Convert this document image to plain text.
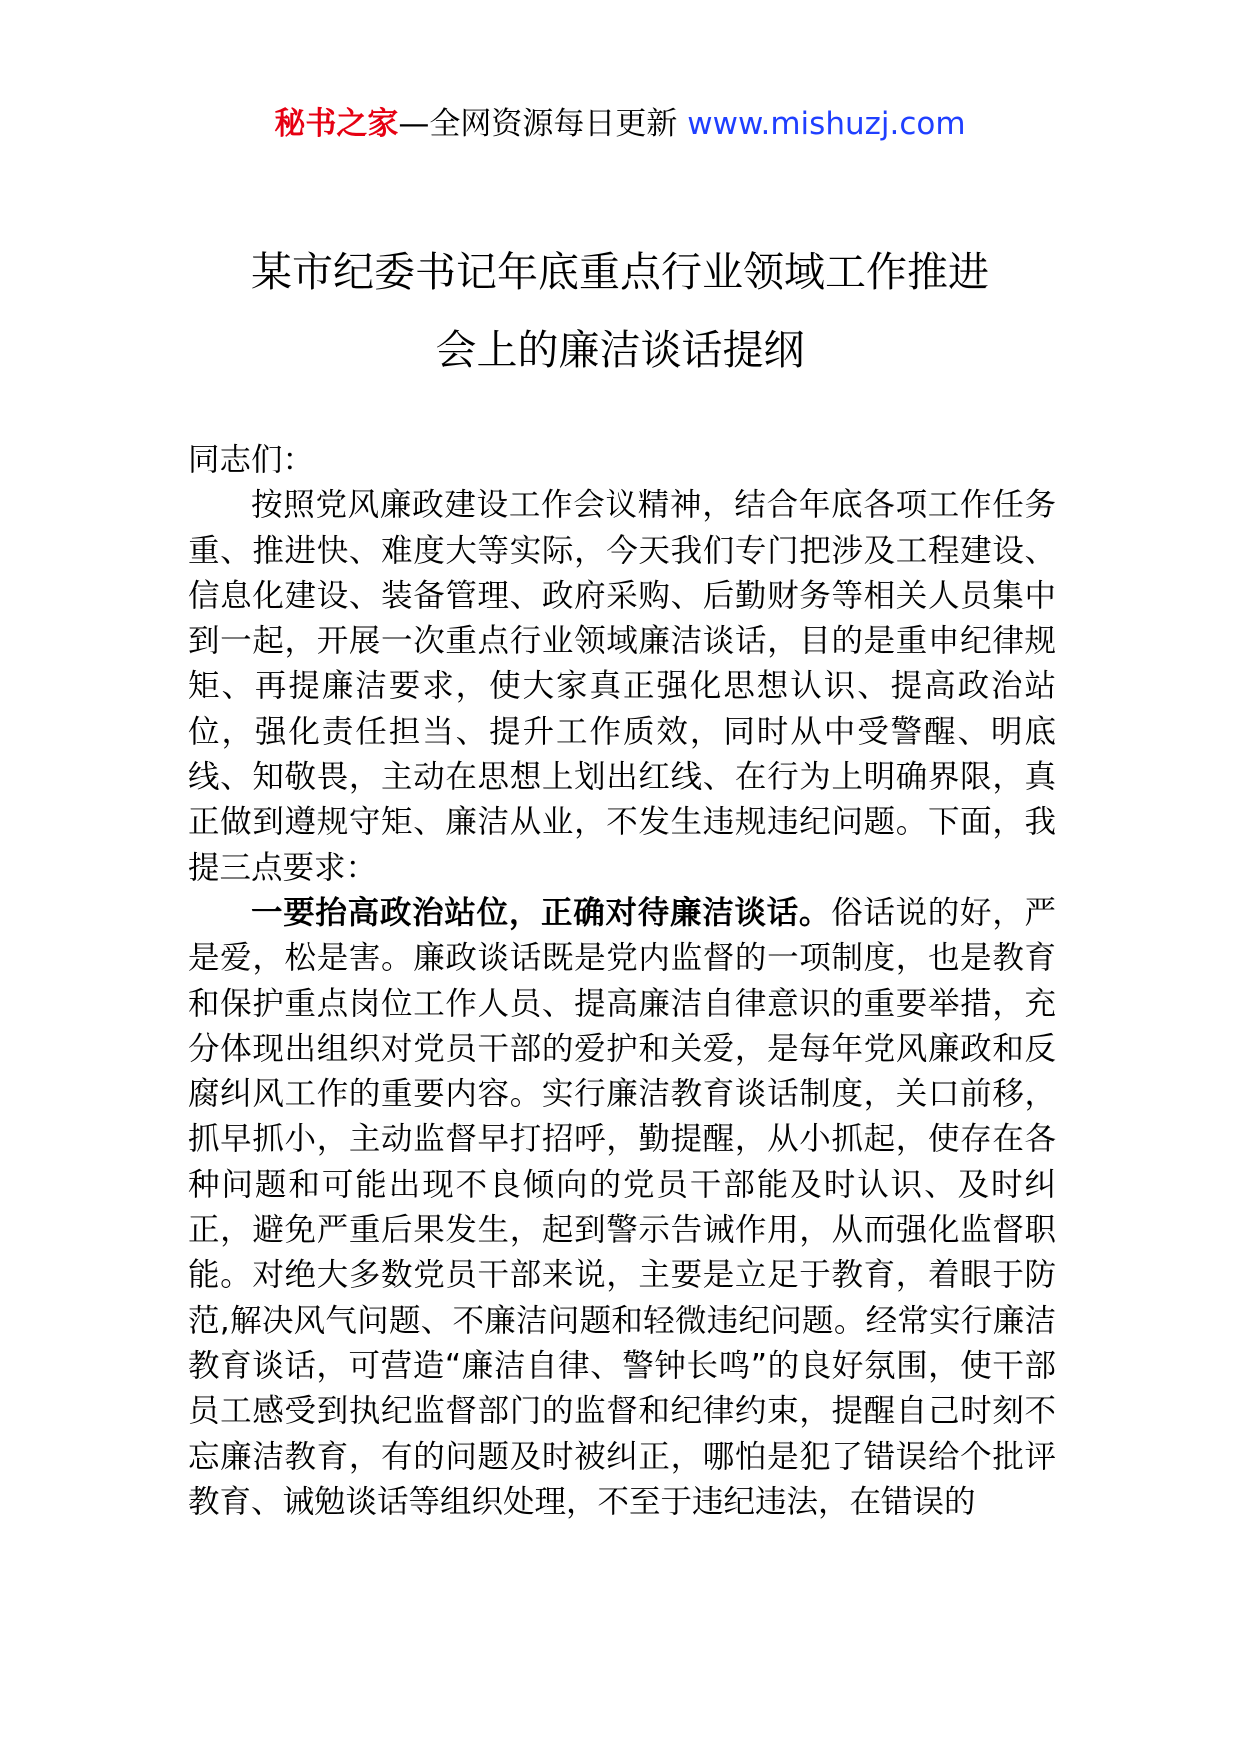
秘书之家—全网资源每日更新 www.mishuzj.com
某市纪委书记年底重点行业领域工作推进
会上的廉洁谈话提纲

同志们：

按照党风廉政建设工作会议精神，结合年底各项工作任务重、推进快、难度大等实际，今天我们专门把涉及工程建设、信息化建设、装备管理、政府采购、后勤财务等相关人员集中到一起，开展一次重点行业领域廉洁谈话，目的是重申纪律规矩、再提廉洁要求，使大家真正强化思想认识、提高政治站位，强化责任担当、提升工作质效，同时从中受警醒、明底线、知敬畏，主动在思想上划出红线、在行为上明确界限，真正做到遵规守矩、廉洁从业，不发生违规违纪问题。下面，我提三点要求：

一要抬高政治站位，正确对待廉洁谈话。俗话说的好，严是爱，松是害。廉政谈话既是党内监督的一项制度，也是教育和保护重点岗位工作人员、提高廉洁自律意识的重要举措，充分体现出组织对党员干部的爱护和关爱，是每年党风廉政和反腐纠风工作的重要内容。实行廉洁教育谈话制度，关口前移，抓早抓小，主动监督早打招呼，勤提醒，从小抓起，使存在各种问题和可能出现不良倾向的党员干部能及时认识、及时纠正，避免严重后果发生，起到警示告诫作用，从而强化监督职能。对绝大多数党员干部来说，主要是立足于教育，着眼于防范,解决风气问题、不廉洁问题和轻微违纪问题。经常实行廉洁教育谈话，可营造“廉洁自律、警钟长鸣”的良好氛围，使干部员工感受到执纪监督部门的监督和纪律约束，提醒自己时刻不忘廉洁教育，有的问题及时被纠正，哪怕是犯了错误给个批评教育、诫勉谈话等组织处理，不至于违纪违法，在错误的
